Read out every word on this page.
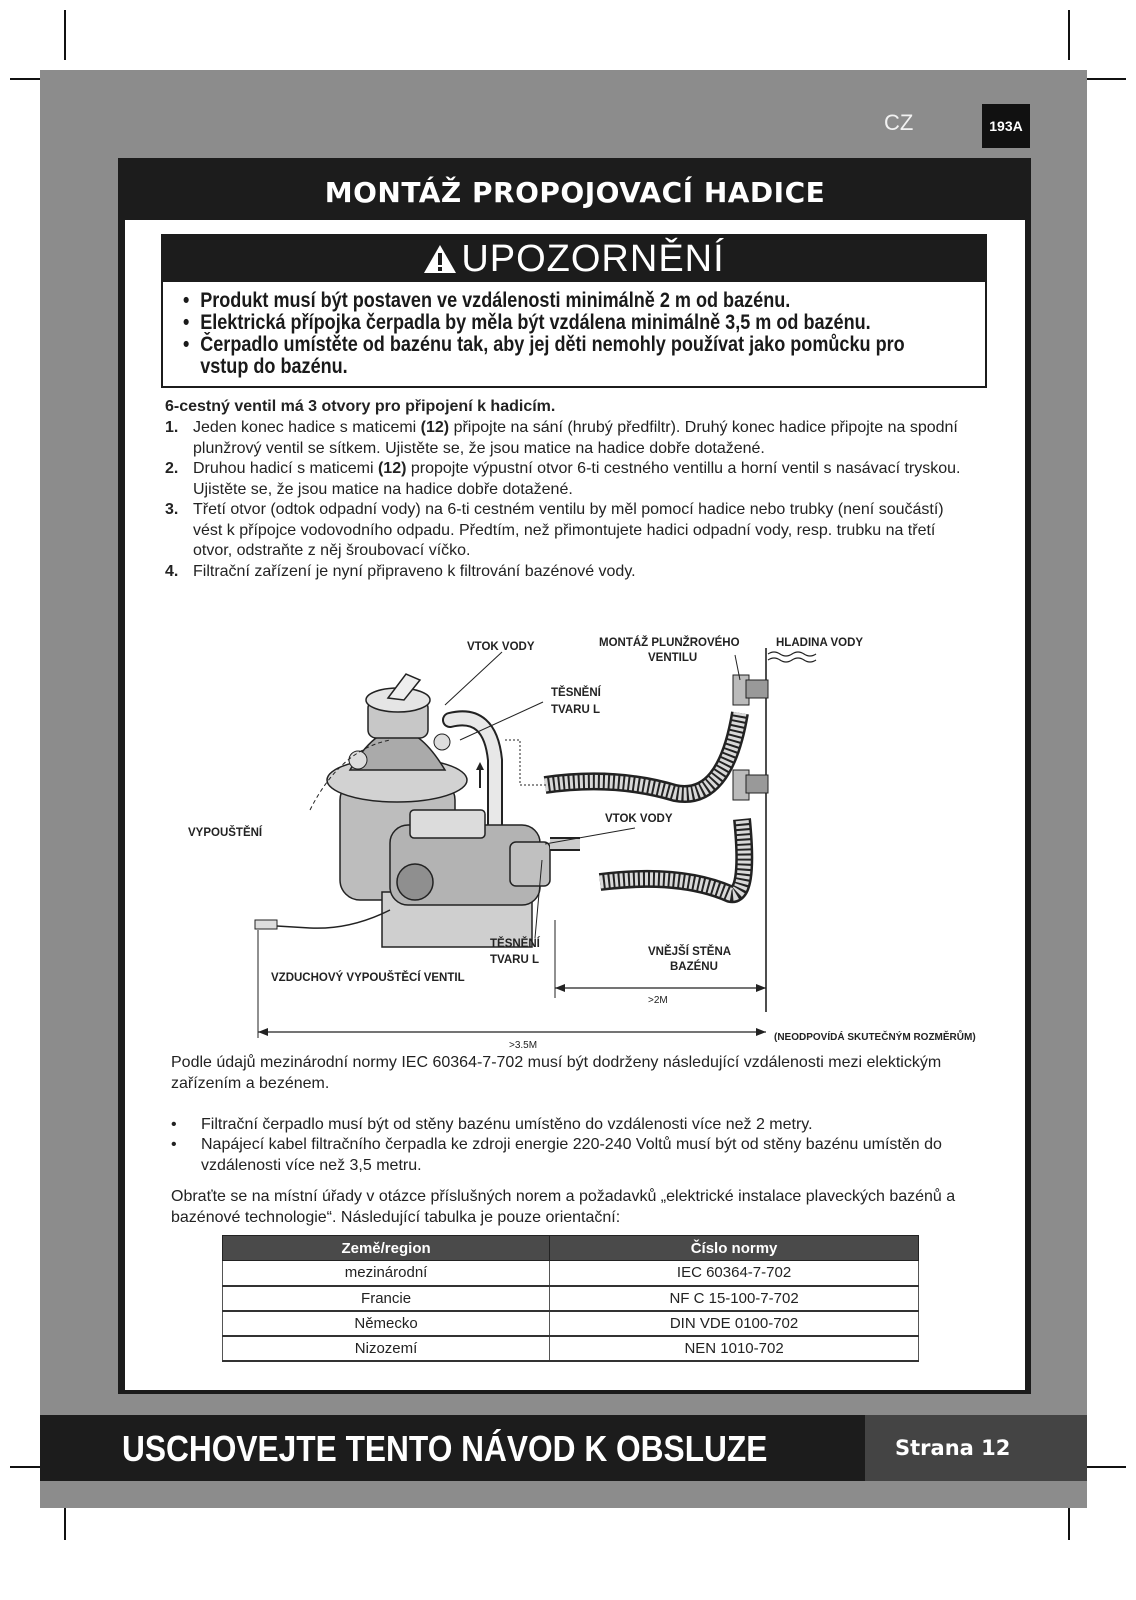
CZ	193A
MONTÁŽ PROPOJOVACÍ HADICE
UPOZORNĚNÍ
• Produkt musí být postaven ve vzdálenosti minimálně 2 m od bazénu.
• Elektrická přípojka čerpadla by měla být vzdálena minimálně 3,5 m od bazénu.
• Čerpadlo umístěte od bazénu tak, aby jej děti nemohly používat jako pomůcku pro
vstup do bazénu.
6-cestný ventil má 3 otvory pro připojení k hadicím.
1. Jeden konec hadice s maticemi (12) připojte na sání (hrubý předfiltr). Druhý konec hadice připojte na spodní plunžrový ventil se sítkem. Ujistěte se, že jsou matice na hadice dobře dotažené.
2. Druhou hadicí s maticemi (12) propojte výpustní otvor 6-ti cestného ventillu a horní ventil s nasávací tryskou. Ujistěte se, že jsou matice na hadice dobře dotažené.
3. Třetí otvor (odtok odpadní vody) na 6-ti cestném ventilu by měl pomocí hadice nebo trubky (není součástí) vést k přípojce vodovodního odpadu. Předtím, než přimontujete hadici odpadní vody, resp. trubku na třetí otvor, odstraňte z něj šroubovací víčko.
4. Filtrační zařízení je nyní připraveno k filtrování bazénové vody.
VTOK VODY	MONTÁŽ PLUNŽROVÉHO
VENTILU
HLADINA VODY
TĚSNĚNÍ
TVARU L
VYPOUŠTĚNÍ
VTOK VODY
TĚSNĚNÍ
TVARU L
VNĚJŠÍ STĚNA
BAZÉNU
VZDUCHOVÝ VYPOUŠTĚCÍ VENTIL
>2M
>3.5M
(NEODPOVÍDÁ SKUTEČNÝM ROZMĚRŮM)
Podle údajů mezinárodní normy IEC 60364-7-702 musí být dodrženy následující vzdálenosti mezi elektickým zařízením a bezénem.
•	Filtrační čerpadlo musí být od stěny bazénu umístěno do vzdálenosti více než 2 metry.
•	Napájecí kabel filtračního čerpadla ke zdroji energie 220-240 Voltů musí být od stěny bazénu umístěn do vzdálenosti více než 3,5 metru.
Obraťte se na místní úřady v otázce příslušných norem a požadavků „elektrické instalace plaveckých bazénů a bazénové technologie“. Následující tabulka je pouze orientační:
Země/region	Číslo normy
mezinárodní	IEC 60364-7-702
Francie	NF C 15-100-7-702
Německo	DIN VDE 0100-702
Nizozemí	NEN 1010-702
USCHOVEJTE TENTO NÁVOD K OBSLUZE	Strana 12
